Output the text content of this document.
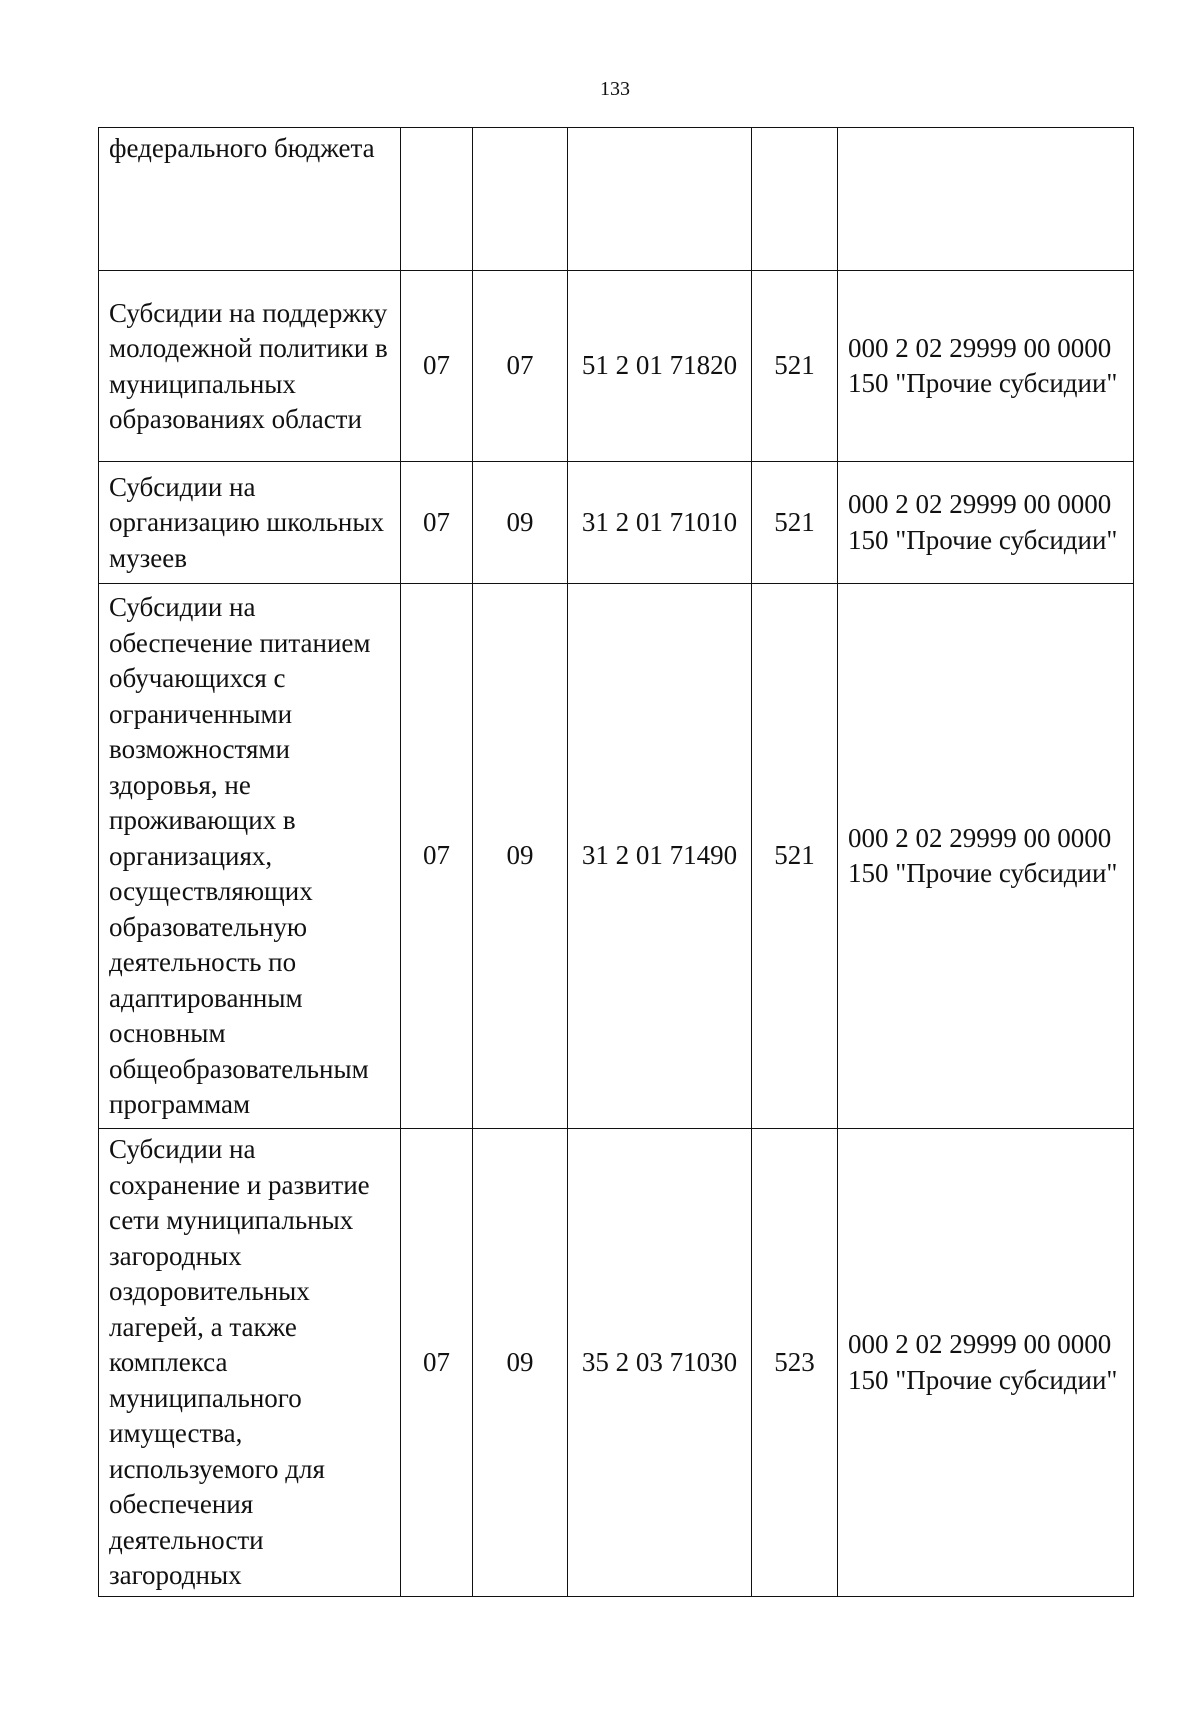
133
федерального бюджета					
Субсидии на поддержку молодежной политики в муниципальных образованиях области	07	07	51 2 01 71820	521	000 2 02 29999 00 0000 150 "Прочие субсидии"
Субсидии на организацию школьных музеев	07	09	31 2 01 71010	521	000 2 02 29999 00 0000 150 "Прочие субсидии"
Субсидии на обеспечение питанием обучающихся с ограниченными возможностями здоровья, не проживающих в организациях, осуществляющих образовательную деятельность по адаптированным основным общеобразовательным программам	07	09	31 2 01 71490	521	000 2 02 29999 00 0000 150 "Прочие субсидии"
Субсидии на сохранение и развитие сети муниципальных загородных оздоровительных лагерей, а также комплекса муниципального имущества, используемого для обеспечения деятельности загородных	07	09	35 2 03 71030	523	000 2 02 29999 00 0000 150 "Прочие субсидии"
